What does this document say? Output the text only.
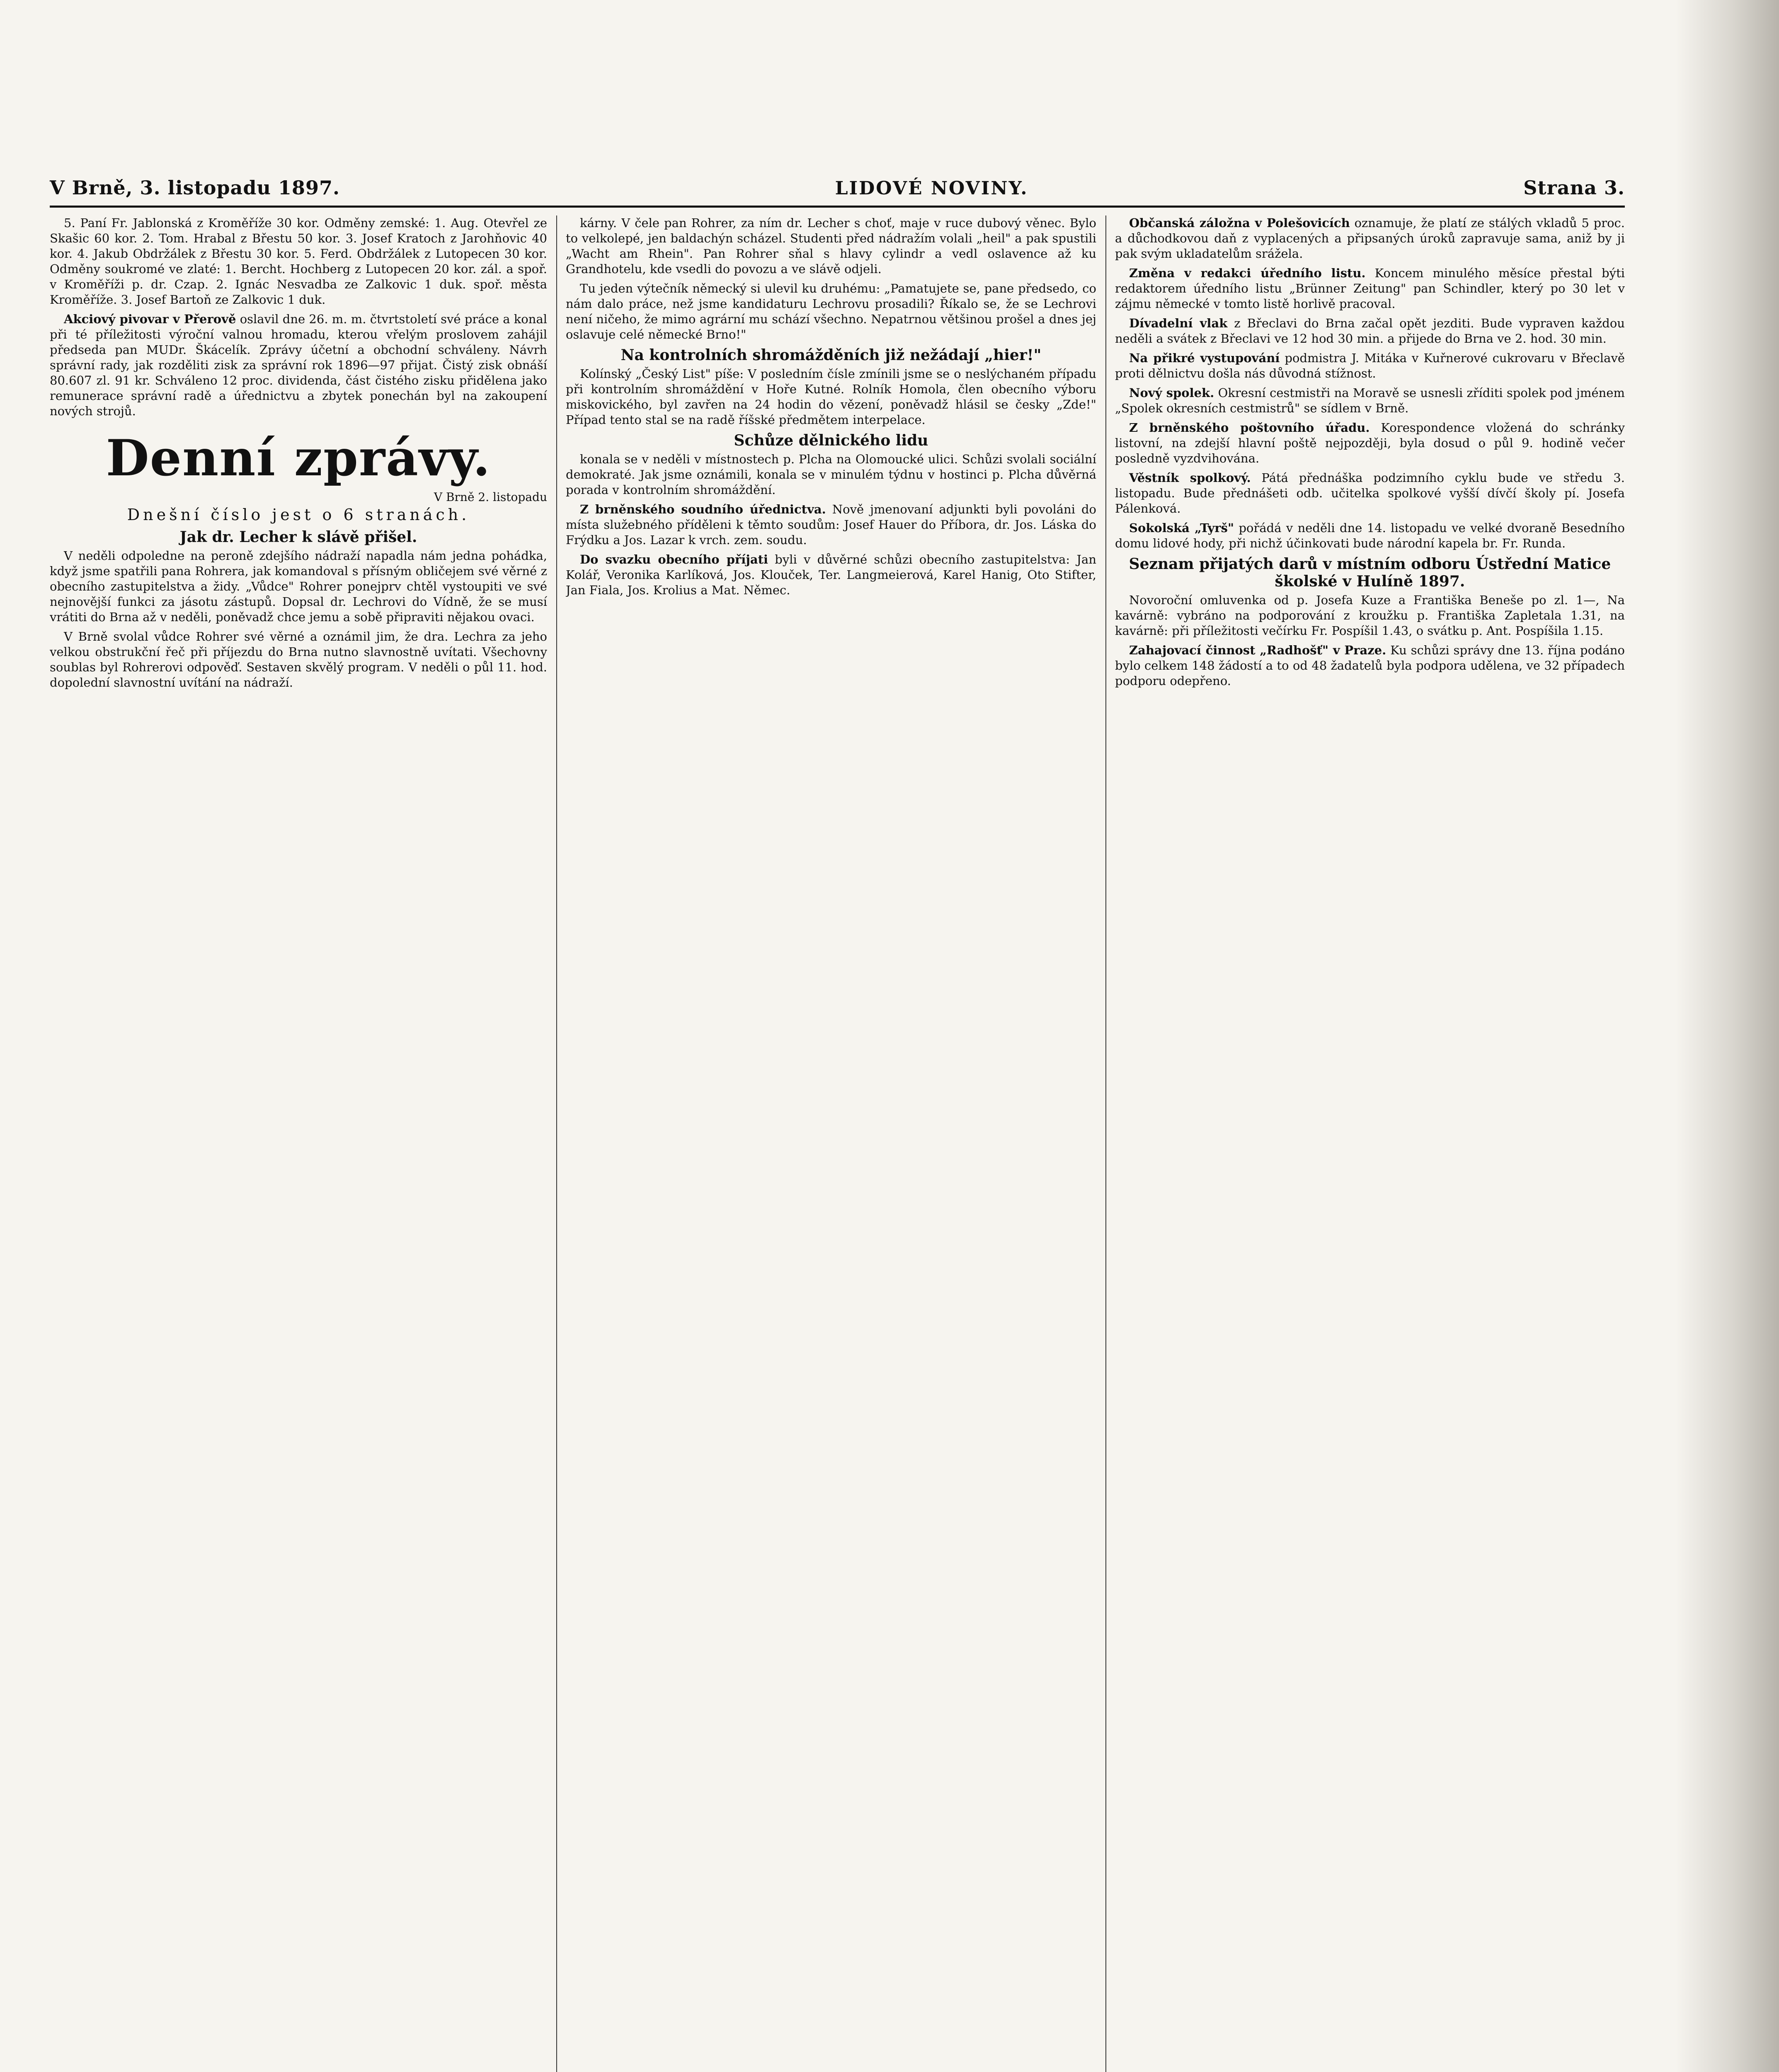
V Brně, 3. listopadu 1897.	LIDOVÉ NOVINY.	Strana 3.

5. Paní Fr. Jablonská z Kroměříže 30 kor. Odměny zemské: 1. Aug. Otevřel ze Skašic 60 kor. 2. Tom. Hrabal z Břestu 50 kor. 3. Josef Kratoch z Jarohňovic 40 kor. 4. Jakub Obdržálek z Břestu 30 kor. 5. Ferd. Obdržálek z Lutopecen 30 kor. Odměny soukromé ve zlaté: 1. Bercht. Hochberg z Lutopecen 20 kor. zál. a spoř. v Kroměříži p. dr. Czap. 2. Ignác Nesvadba ze Zalkovic 1 duk. spoř. města Kroměříže. 3. Josef Bartoň ze Zalkovic 1 duk.

Akciový pivovar v Přerově oslavil dne 26. m. m. čtvrtstoletí své práce a konal při té příležitosti výroční valnou hromadu, kterou vřelým proslovem zahájil předseda pan MUDr. Škácelík. Zprávy účetní a obchodní schváleny. Návrh správní rady, jak rozděliti zisk za správní rok 1896—97 přijat. Čistý zisk obnáší 80.607 zl. 91 kr. Schváleno 12 proc. dividenda, část čistého zisku přidělena jako remunerace správní radě a úřednictvu a zbytek ponechán byl na zakoupení nových strojů.

Denní zprávy.
V Brně 2. listopadu
Dnešní číslo jest o 6 stranách.
Jak dr. Lecher k slávě přišel.

V neděli odpoledne na peroně zdejšího nádraží napadla nám jedna pohádka, když jsme spatřili pana Rohrera, jak komandoval s přísným obličejem své věrné z obecního zastupitelstva a židy. „Vůdce" Rohrer ponejprv chtěl vystoupiti ve své nejnovější funkci za jásotu zástupů. Dopsal dr. Lechrovi do Vídně, že se musí vrátiti do Brna až v neděli, poněvadž chce jemu a sobě připraviti nějakou ovaci.

V Brně svolal vůdce Rohrer své věrné a oznámil jim, že dra. Lechra za jeho velkou obstrukční řeč při příjezdu do Brna nutno slavnostně uvítati. Všechovny soublas byl Rohrerovi odpověď. Sestaven skvělý program. V neděli o půl 11. hod. dopolední slavnostní uvítání na nádraží.

kárny. V čele pan Rohrer, za ním dr. Lecher s choť, maje v ruce dubový věnec. Bylo to velkolepé, jen baldachýn scházel. Studenti před nádražím volali „heil" a pak spustili „Wacht am Rhein". Pan Rohrer sňal s hlavy cylindr a vedl oslavence až ku Grandhotelu, kde vsedli do povozu a ve slávě odjeli.

Tu jeden výtečník německý si ulevil ku druhému: „Pamatujete se, pane předsedo, co nám dalo práce, než jsme kandidaturu Lechrovu prosadili? Říkalo se, že se Lechrovi není ničeho, že mimo agrární mu schází všechno. Nepatrnou většinou prošel a dnes jej oslavuje celé německé Brno!"

Na kontrolních shromážděních již nežádají „hier!"

Kolínský „Český List" píše: V posledním čísle zmínili jsme se o neslýchaném případu při kontrolním shromáždění v Hoře Kutné. Rolník Homola, člen obecního výboru miskovického, byl zavřen na 24 hodin do vězení, poněvadž hlásil se česky „Zde!" Případ tento stal se na radě říšské předmětem interpelace.

Schůze dělnického lidu

konala se v neděli v místnostech p. Plcha na Olomoucké ulici. Schůzi svolali sociální demokraté. Jak jsme oznámili, konala se v minulém týdnu v hostinci p. Plcha důvěrná porada v kontrolním shromáždění.

Z brněnského soudního úřednictva. Nově jmenovaní adjunkti byli povoláni do místa služebného příděleni k těmto soudům: Josef Hauer do Příbora, dr. Jos. Láska do Frýdku a Jos. Lazar k vrch. zem. soudu.

Do svazku obecního příjati byli v důvěrné schůzi obecního zastupitelstva: Jan Kolář, Veronika Karlíková, Jos. Klouček, Ter. Langmeierová, Karel Hanig, Oto Stifter, Jan Fiala, Jos. Krolius a Mat. Němec.

Občanská záložna v Polešovicích oznamuje, že platí ze stálých vkladů 5 proc. a důchodkovou daň z vyplacených a připsaných úroků zapravuje sama, aniž by ji pak svým ukladatelům srážela.

Změna v redakci úředního listu. Koncem minulého měsíce přestal býti redaktorem úředního listu „Brünner Zeitung" pan Schindler, který po 30 let v zájmu německé v tomto listě horlivě pracoval.

Dívadelní vlak z Břeclavi do Brna začal opět jezditi. Bude vypraven každou neděli a svátek z Břeclavi ve 12 hod 30 min. a přijede do Brna ve 2. hod. 30 min.

Na přikré vystupování podmistra J. Mitáka v Kuřnerové cukrovaru v Břeclavě proti dělnictvu došla nás důvodná stížnost.

Nový spolek. Okresní cestmistři na Moravě se usnesli zříditi spolek pod jménem „Spolek okresních cestmistrů" se sídlem v Brně.

Z brněnského poštovního úřadu. Korespondence vložená do schránky listovní, na zdejší hlavní poště nejpozději, byla dosud o půl 9. hodině večer posledně vyzdvihována.

Věstník spolkový. Pátá přednáška podzimního cyklu bude ve středu 3. listopadu. Bude přednášeti odb. učitelka spolkové vyšší dívčí školy pí. Josefa Pálenková.

Sokolská „Tyrš" pořádá v neděli dne 14. listopadu ve velké dvoraně Besedního domu lidové hody, při nichž účinkovati bude národní kapela br. Fr. Runda.

Seznam přijatých darů v místním odboru Ústřední Matice školské v Hulíně 1897.

Novoroční omluvenka od p. Josefa Kuze a Františka Beneše po zl. 1—, Na kavárně: vybráno na podporování z kroužku p. Františka Zapletala 1.31, na kavárně: při příležitosti večírku Fr. Pospíšil 1.43, o svátku p. Ant. Pospíšila 1.15.

Zahajovací činnost „Radhošť" v Praze. Ku schůzi správy dne 13. října podáno bylo celkem 148 žádostí a to od 48 žadatelů byla podpora udělena, ve 32 případech podporu odepřeno.
